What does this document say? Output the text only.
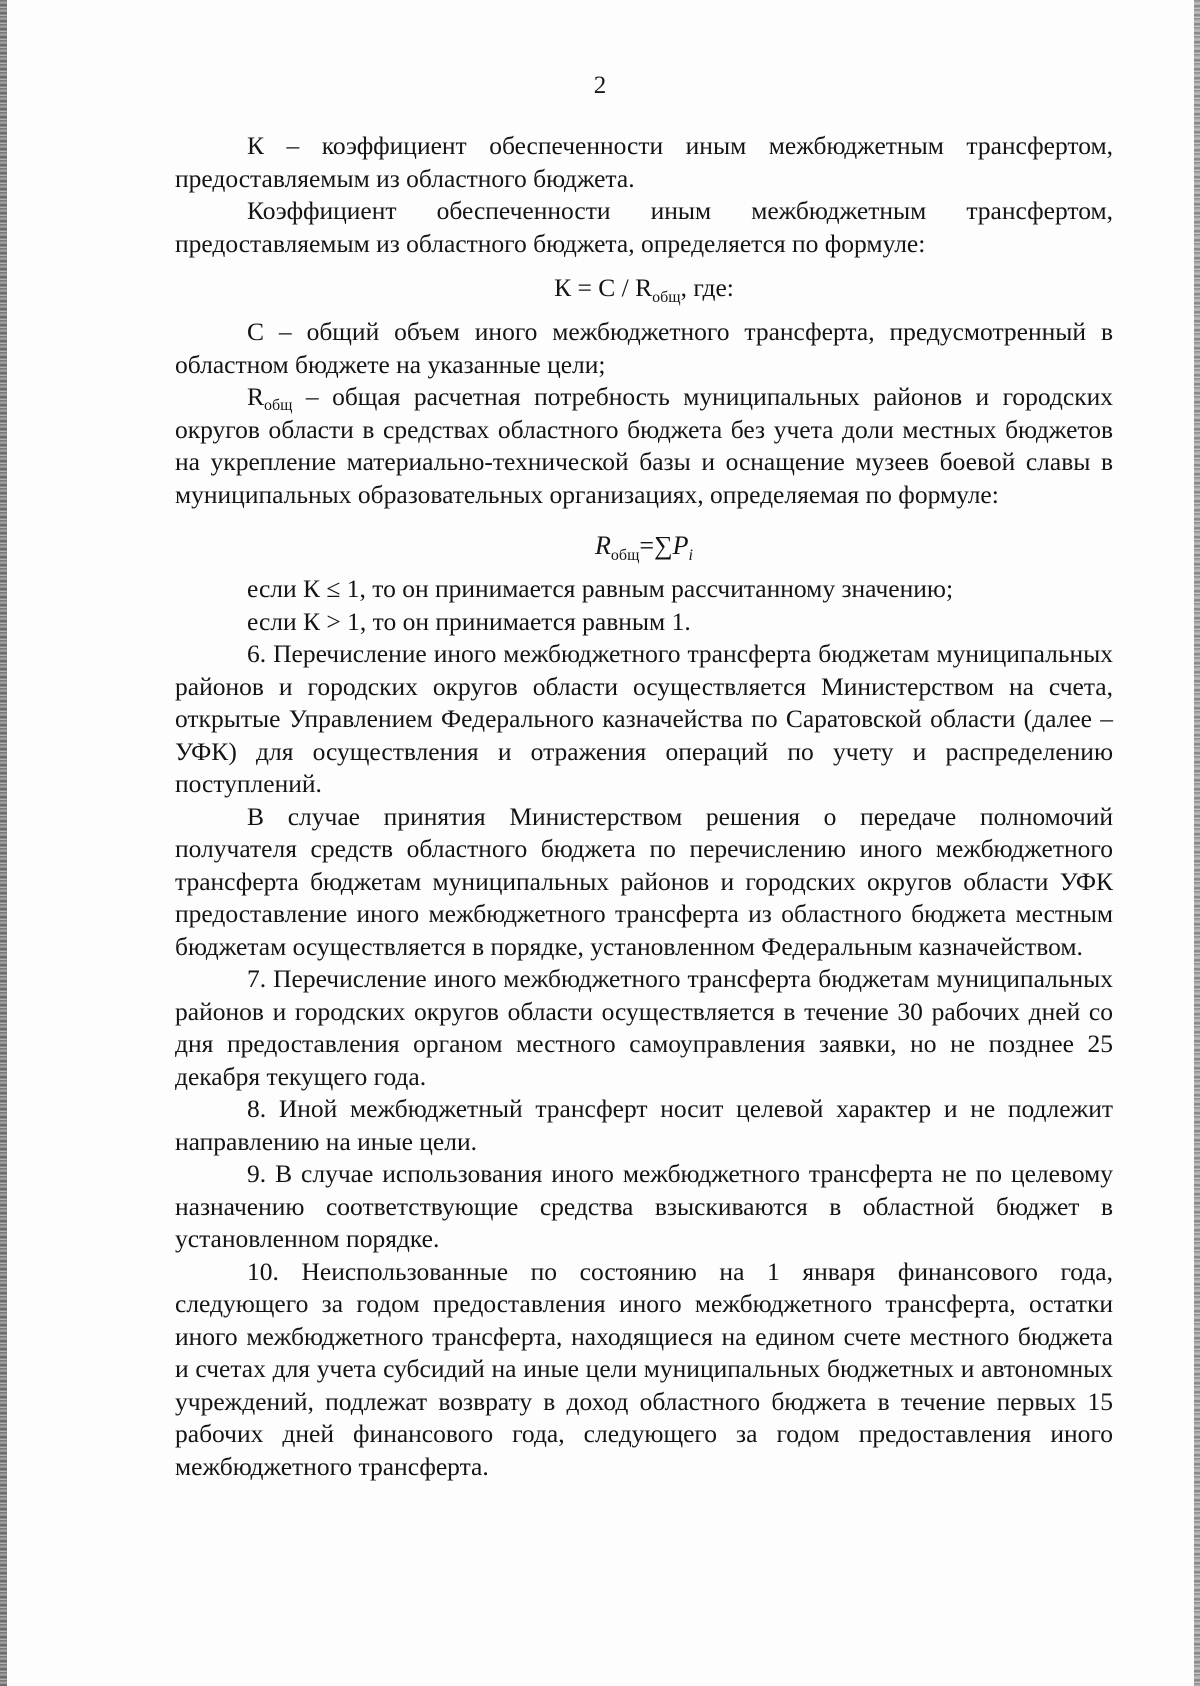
2

К – коэффициент обеспеченности иным межбюджетным трансфертом, предоставляемым из областного бюджета.

Коэффициент обеспеченности иным межбюджетным трансфертом, предоставляемым из областного бюджета, определяется по формуле:

$К = С / R_{общ}$, где:

С – общий объем иного межбюджетного трансферта, предусмотренный в областном бюджете на указанные цели;

Rобщ – общая расчетная потребность муниципальных районов и городских округов области в средствах областного бюджета без учета доли местных бюджетов на укрепление материально-технической базы и оснащение музеев боевой славы в муниципальных образовательных организациях, определяемая по формуле:

$R_{общ}=\sum P_i$

если К ≤ 1, то он принимается равным рассчитанному значению;

если К > 1, то он принимается равным 1.

6. Перечисление иного межбюджетного трансферта бюджетам муниципальных районов и городских округов области осуществляется Министерством на счета, открытые Управлением Федерального казначейства по Саратовской области (далее – УФК) для осуществления и отражения операций по учету и распределению поступлений.

В случае принятия Министерством решения о передаче полномочий получателя средств областного бюджета по перечислению иного межбюджетного трансферта бюджетам муниципальных районов и городских округов области УФК предоставление иного межбюджетного трансферта из областного бюджета местным бюджетам осуществляется в порядке, установленном Федеральным казначейством.

7. Перечисление иного межбюджетного трансферта бюджетам муниципальных районов и городских округов области осуществляется в течение 30 рабочих дней со дня предоставления органом местного самоуправления заявки, но не позднее 25 декабря текущего года.

8. Иной межбюджетный трансферт носит целевой характер и не подлежит направлению на иные цели.

9. В случае использования иного межбюджетного трансферта не по целевому назначению соответствующие средства взыскиваются в областной бюджет в установленном порядке.

10. Неиспользованные по состоянию на 1 января финансового года, следующего за годом предоставления иного межбюджетного трансферта, остатки иного межбюджетного трансферта, находящиеся на едином счете местного бюджета и счетах для учета субсидий на иные цели муниципальных бюджетных и автономных учреждений, подлежат возврату в доход областного бюджета в течение первых 15 рабочих дней финансового года, следующего за годом предоставления иного межбюджетного трансферта.
